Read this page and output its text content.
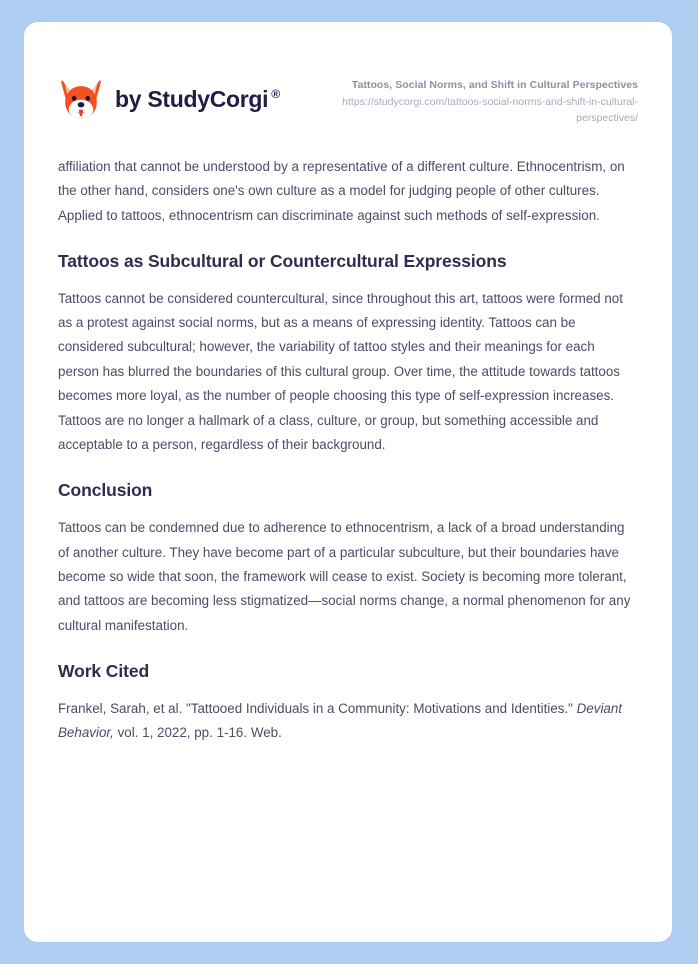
by StudyCorgi ®
Tattoos, Social Norms, and Shift in Cultural Perspectives
https://studycorgi.com/tattoos-social-norms-and-shift-in-cultural-perspectives/

affiliation that cannot be understood by a representative of a different culture. Ethnocentrism, on the other hand, considers one's own culture as a model for judging people of other cultures. Applied to tattoos, ethnocentrism can discriminate against such methods of self-expression.

Tattoos as Subcultural or Countercultural Expressions

Tattoos cannot be considered countercultural, since throughout this art, tattoos were formed not as a protest against social norms, but as a means of expressing identity. Tattoos can be considered subcultural; however, the variability of tattoo styles and their meanings for each person has blurred the boundaries of this cultural group. Over time, the attitude towards tattoos becomes more loyal, as the number of people choosing this type of self-expression increases. Tattoos are no longer a hallmark of a class, culture, or group, but something accessible and acceptable to a person, regardless of their background.

Conclusion

Tattoos can be condemned due to adherence to ethnocentrism, a lack of a broad understanding of another culture. They have become part of a particular subculture, but their boundaries have become so wide that soon, the framework will cease to exist. Society is becoming more tolerant, and tattoos are becoming less stigmatized—social norms change, a normal phenomenon for any cultural manifestation.

Work Cited

Frankel, Sarah, et al. "Tattooed Individuals in a Community: Motivations and Identities." Deviant Behavior, vol. 1, 2022, pp. 1-16. Web.
